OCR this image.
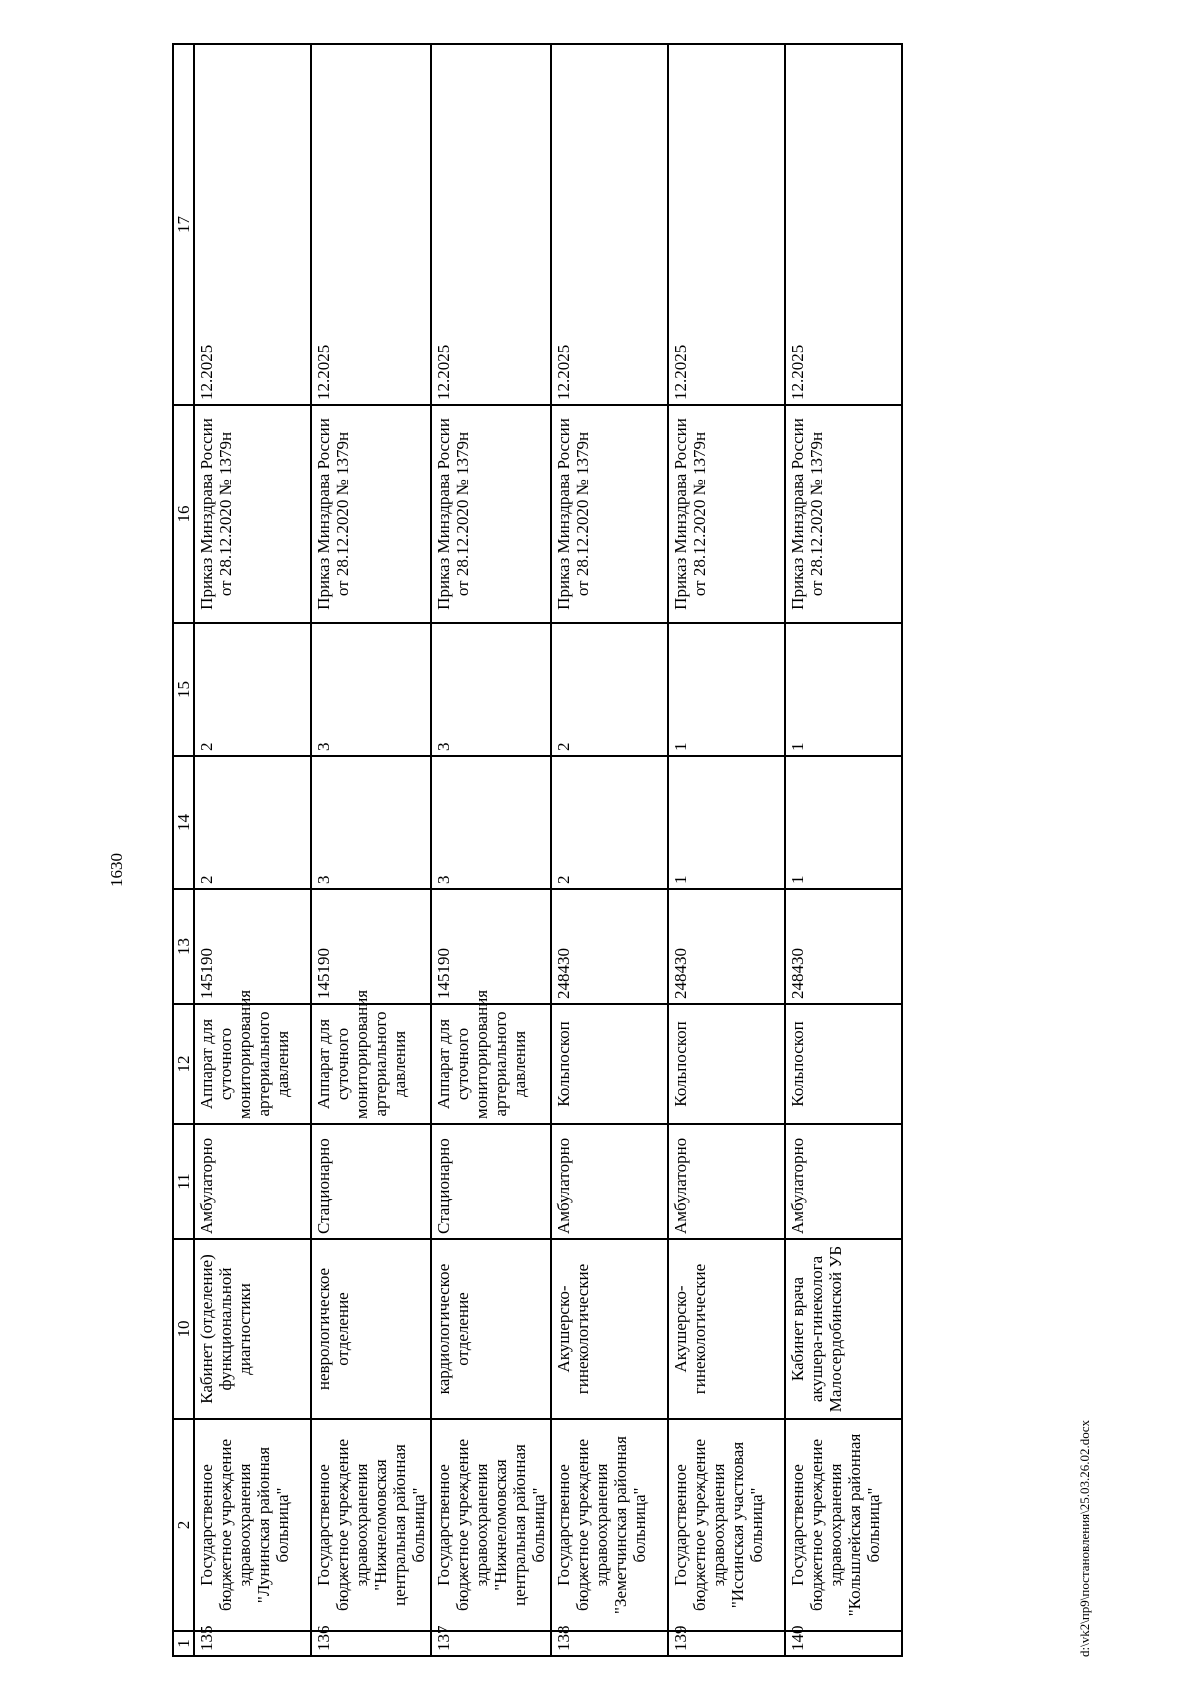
1630
1	2	10	11	12	13	14	15	16	17
135	Государственное бюджетное учреждение здравоохранения "Лунинская районная больница"	Кабинет (отделение) функциональной диагностики	Амбулаторно	Аппарат для суточного мониторирования артериального давления	145190	2	2	Приказ Минздрава России от 28.12.2020 № 1379н	12.2025
136	Государственное бюджетное учреждение здравоохранения "Нижнеломовская центральная районная больница"	неврологическое отделение	Стационарно	Аппарат для суточного мониторирования артериального давления	145190	3	3	Приказ Минздрава России от 28.12.2020 № 1379н	12.2025
137	Государственное бюджетное учреждение здравоохранения "Нижнеломовская центральная районная больница"	кардиологическое отделение	Стационарно	Аппарат для суточного мониторирования артериального давления	145190	3	3	Приказ Минздрава России от 28.12.2020 № 1379н	12.2025
138	Государственное бюджетное учреждение здравоохранения "Земетчинская районная больница"	Акушерско-гинекологические	Амбулаторно	Кольпоскоп	248430	2	2	Приказ Минздрава России от 28.12.2020 № 1379н	12.2025
139	Государственное бюджетное учреждение здравоохранения "Иссинская участковая больница"	Акушерско-гинекологические	Амбулаторно	Кольпоскоп	248430	1	1	Приказ Минздрава России от 28.12.2020 № 1379н	12.2025
140	Государственное бюджетное учреждение здравоохранения "Кольшлейская районная больница"	Кабинет врача акушера-гинеколога Малосердобинской УБ	Амбулаторно	Кольпоскоп	248430	1	1	Приказ Минздрава России от 28.12.2020 № 1379н	12.2025
d:\vk2\пр9\постановления\25.03.26.02.docx
